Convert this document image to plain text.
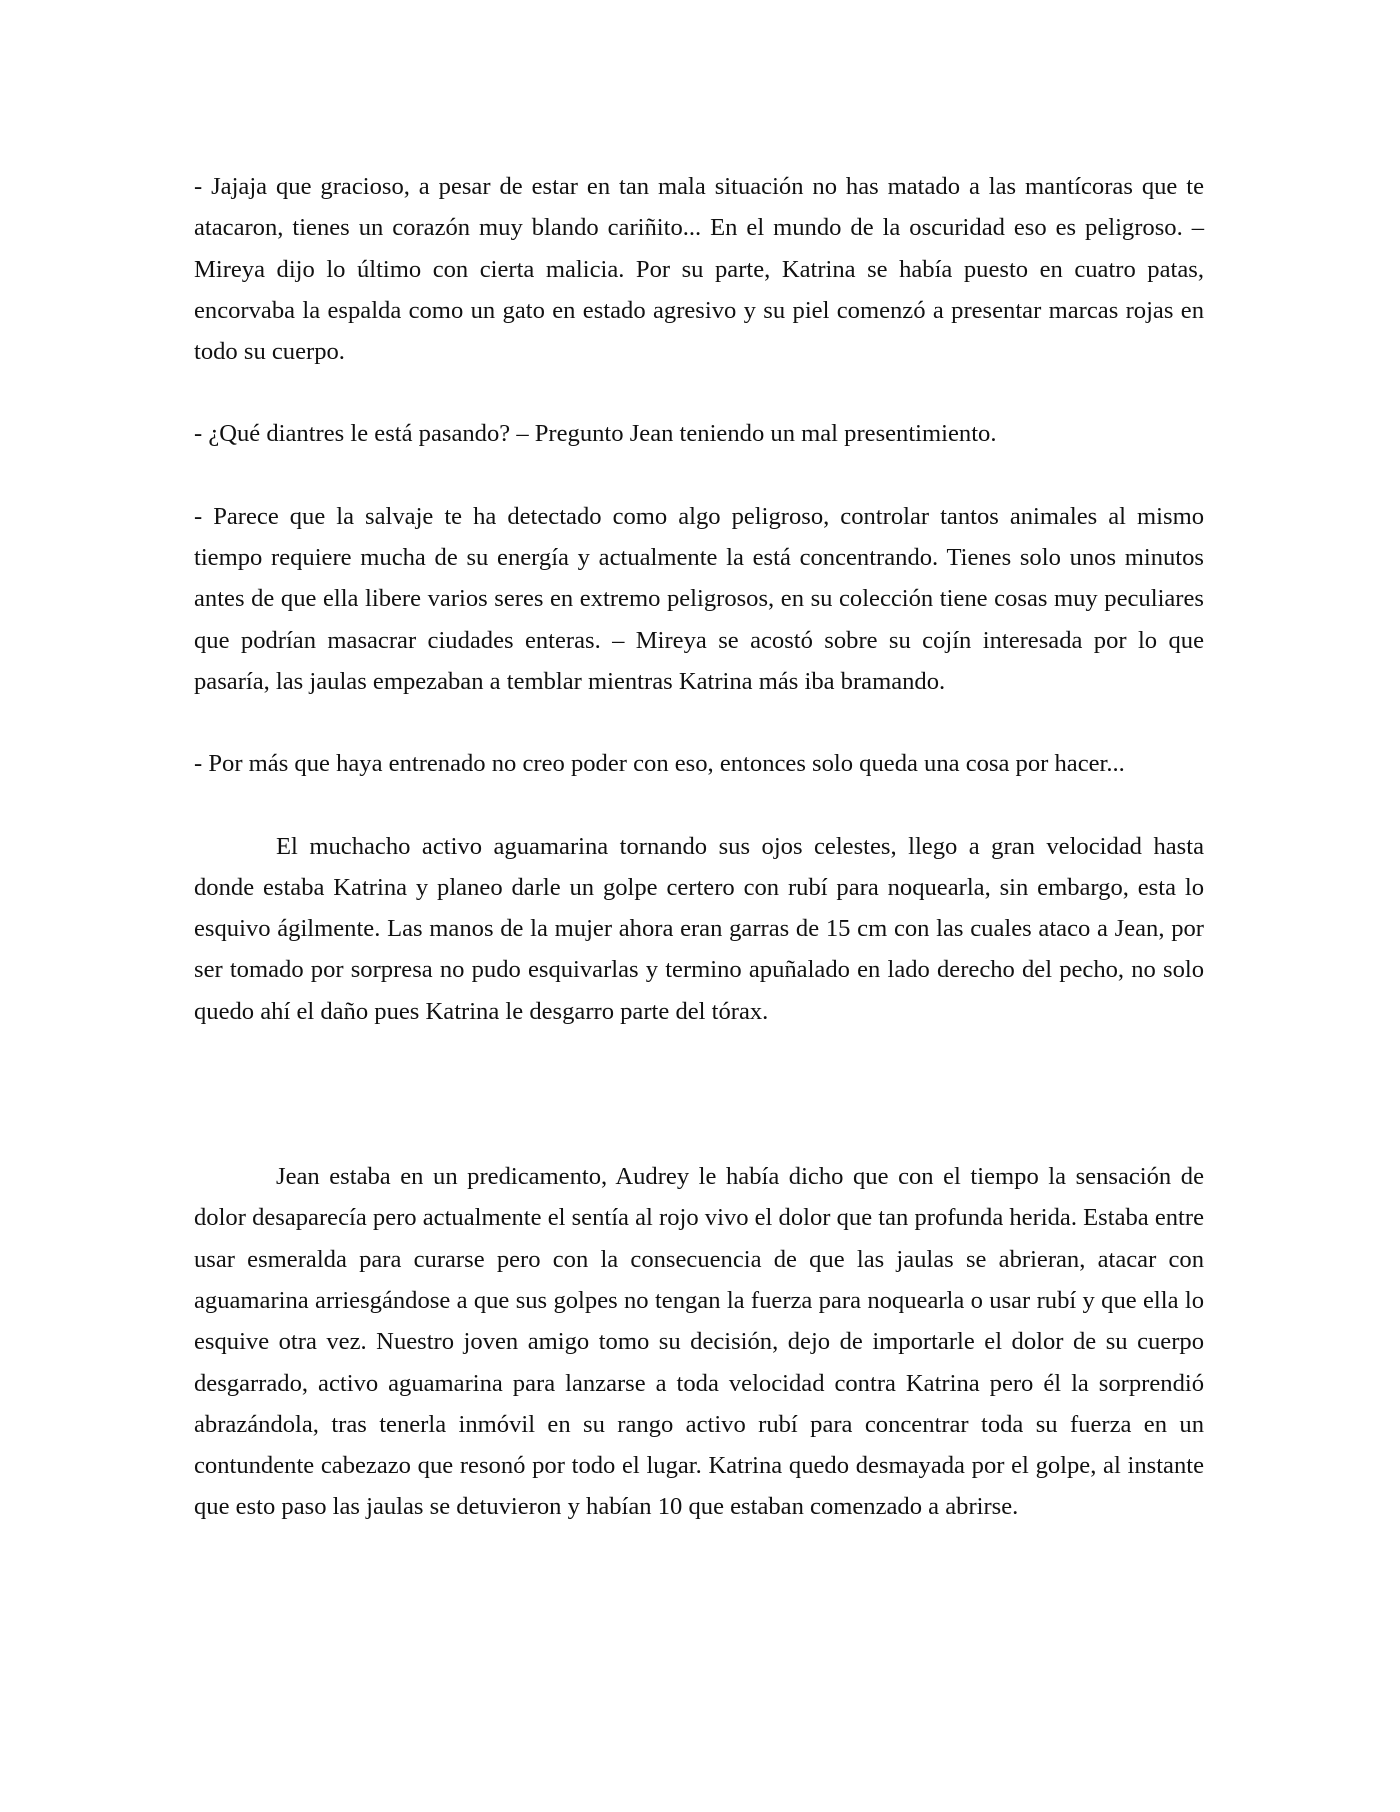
- Jajaja que gracioso, a pesar de estar en tan mala situación no has matado a las mantícoras que te atacaron, tienes un corazón muy blando cariñito... En el mundo de la oscuridad eso es peligroso. – Mireya dijo lo último con cierta malicia. Por su parte, Katrina se había puesto en cuatro patas, encorvaba la espalda como un gato en estado agresivo y su piel comenzó a presentar marcas rojas en todo su cuerpo.

- ¿Qué diantres le está pasando? – Pregunto Jean teniendo un mal presentimiento.

- Parece que la salvaje te ha detectado como algo peligroso, controlar tantos animales al mismo tiempo requiere mucha de su energía y actualmente la está concentrando. Tienes solo unos minutos antes de que ella libere varios seres en extremo peligrosos, en su colección tiene cosas muy peculiares que podrían masacrar ciudades enteras. – Mireya se acostó sobre su cojín interesada por lo que pasaría, las jaulas empezaban a temblar mientras Katrina más iba bramando.

- Por más que haya entrenado no creo poder con eso, entonces solo queda una cosa por hacer...

El muchacho activo aguamarina tornando sus ojos celestes, llego a gran velocidad hasta donde estaba Katrina y planeo darle un golpe certero con rubí para noquearla, sin embargo, esta lo esquivo ágilmente. Las manos de la mujer ahora eran garras de 15 cm con las cuales ataco a Jean, por ser tomado por sorpresa no pudo esquivarlas y termino apuñalado en lado derecho del pecho, no solo quedo ahí el daño pues Katrina le desgarro parte del tórax.

Jean estaba en un predicamento, Audrey le había dicho que con el tiempo la sensación de dolor desaparecía pero actualmente el sentía al rojo vivo el dolor que tan profunda herida. Estaba entre usar esmeralda para curarse pero con la consecuencia de que las jaulas se abrieran, atacar con aguamarina arriesgándose a que sus golpes no tengan la fuerza para noquearla o usar rubí y que ella lo esquive otra vez. Nuestro joven amigo tomo su decisión, dejo de importarle el dolor de su cuerpo desgarrado, activo aguamarina para lanzarse a toda velocidad contra Katrina pero él la sorprendió abrazándola, tras tenerla inmóvil en su rango activo rubí para concentrar toda su fuerza en un contundente cabezazo que resonó por todo el lugar. Katrina quedo desmayada por el golpe, al instante que esto paso las jaulas se detuvieron y habían 10 que estaban comenzado a abrirse.
